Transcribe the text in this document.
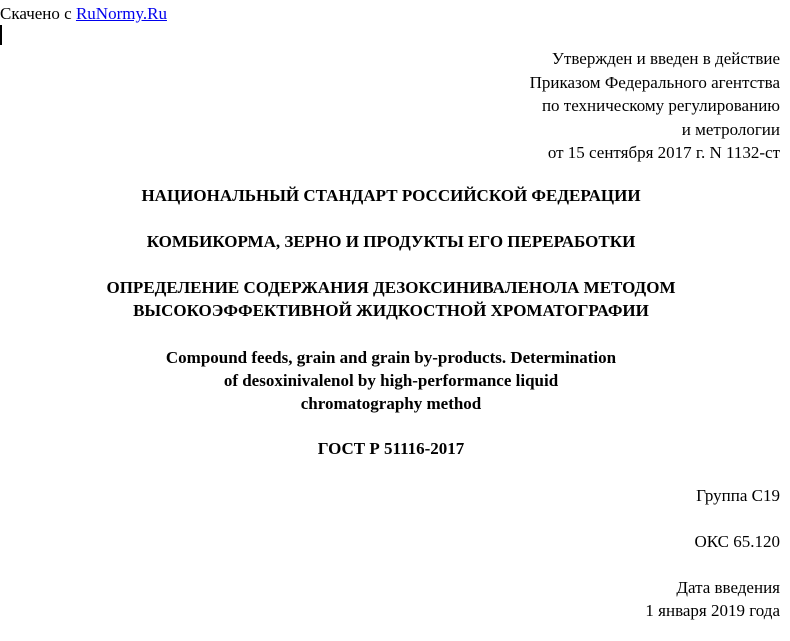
Скачено с RuNormy.Ru
Утвержден и введен в действие
Приказом Федерального агентства
по техническому регулированию
и метрологии
от 15 сентября 2017 г. N 1132-ст
НАЦИОНАЛЬНЫЙ СТАНДАРТ РОССИЙСКОЙ ФЕДЕРАЦИИ
КОМБИКОРМА, ЗЕРНО И ПРОДУКТЫ ЕГО ПЕРЕРАБОТКИ
ОПРЕДЕЛЕНИЕ СОДЕРЖАНИЯ ДЕЗОКСИНИВАЛЕНОЛА МЕТОДОМ
ВЫСОКОЭФФЕКТИВНОЙ ЖИДКОСТНОЙ ХРОМАТОГРАФИИ
Compound feeds, grain and grain by-products. Determination
of desoxinivalenol by high-performance liquid
chromatography method
ГОСТ Р 51116-2017
Группа С19
ОКС 65.120
Дата введения
1 января 2019 года
